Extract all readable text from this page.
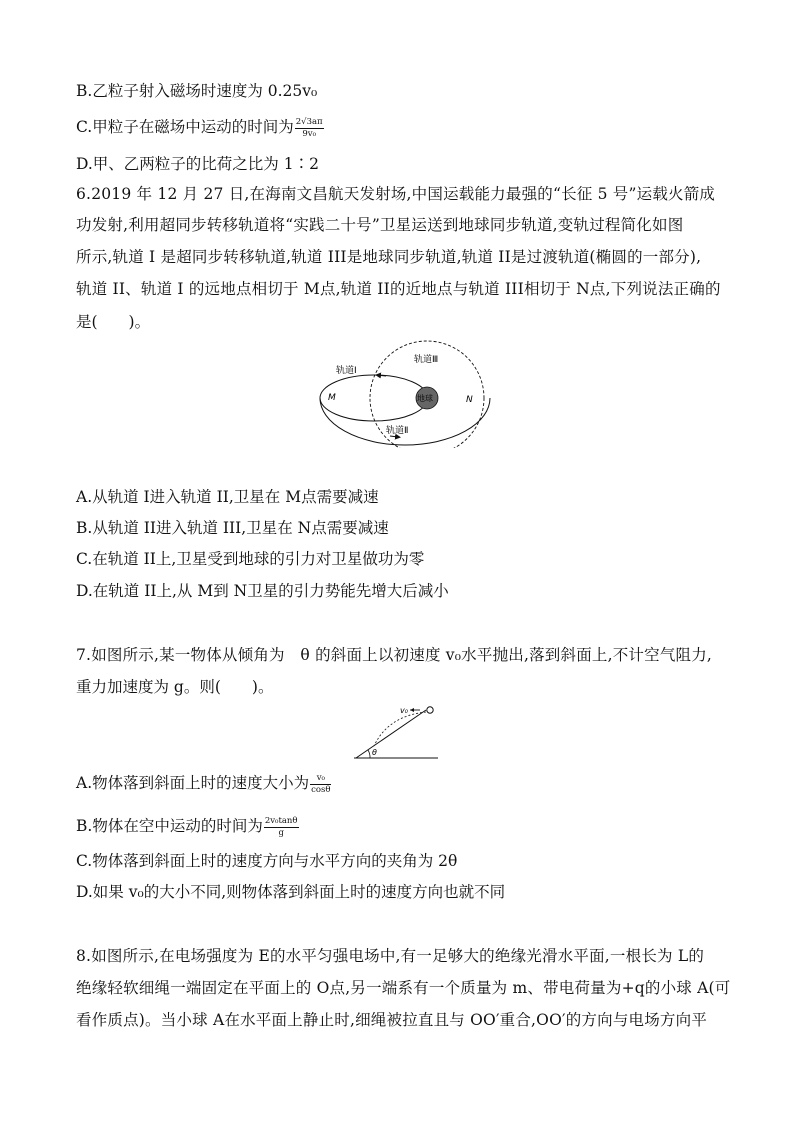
B.乙粒子射入磁场时速度为 0.25v₀
C.甲粒子在磁场中运动的时间为 $\frac{2√3a\pi}{\text{9v₀}}$
D.甲、乙两粒子的比荷之比为 1∶2
6.2019 年 12 月 27 日,在海南文昌航天发射场,中国运载能力最强的“长征 5 号”运载火箭成
功发射,利用超同步转移轨道将“实践二十号”卫星运送到地球同步轨道,变轨过程简化如图
所示,轨道 I 是超同步转移轨道,轨道 III是地球同步轨道,轨道 II是过渡轨道(椭圆的一部分),
轨道 II、轨道 I 的远地点相切于 M点,轨道 II的近地点与轨道 III相切于 N点,下列说法正确的
是(　　)。
轨道Ⅰ
轨道Ⅲ
轨道Ⅱ
地球
M	N
A.从轨道 I进入轨道 II,卫星在 M点需要减速
B.从轨道 II进入轨道 III,卫星在 N点需要减速
C.在轨道 II上,卫星受到地球的引力对卫星做功为零
D.在轨道 II上,从 M到 N卫星的引力势能先增大后减小
7.如图所示,某一物体从倾角为　θ 的斜面上以初速度 v₀水平抛出,落到斜面上,不计空气阻力,
重力加速度为 g。则(　　)。
v₀
θ
A.物体落到斜面上时的速度大小为 $\frac{\text{v₀}}{\cos\theta}$
B.物体在空中运动的时间为 $\frac{\text{2v₀tanθ}}{g}$
C.物体落到斜面上时的速度方向与水平方向的夹角为 2θ
D.如果 v₀的大小不同,则物体落到斜面上时的速度方向也就不同
8.如图所示,在电场强度为 E的水平匀强电场中,有一足够大的绝缘光滑水平面,一根长为 L的
绝缘轻软细绳一端固定在平面上的 O点,另一端系有一个质量为 m、带电荷量为+q的小球 A(可
看作质点)。当小球 A在水平面上静止时,细绳被拉直且与 OO′重合,OO′的方向与电场方向平
